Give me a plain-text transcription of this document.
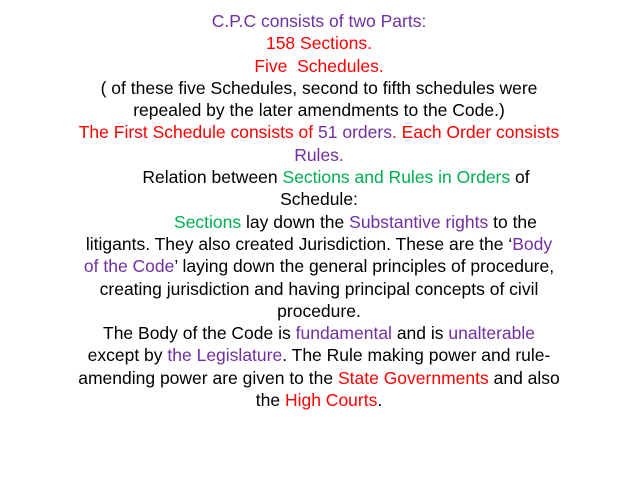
C.P.C consists of two Parts:
158 Sections.
Five  Schedules.
( of these five Schedules, second to fifth schedules were
repealed by the later amendments to the Code.)
The First Schedule consists of 51 orders. Each Order consists
Rules.
Relation between Sections and Rules in Orders of
Schedule:
Sections lay down the Substantive rights to the
litigants. They also created Jurisdiction. These are the ‘Body
of the Code’ laying down the general principles of procedure,
creating jurisdiction and having principal concepts of civil
procedure.
The Body of the Code is fundamental and is unalterable
except by the Legislature. The Rule making power and rule-
amending power are given to the State Governments and also
the High Courts.
